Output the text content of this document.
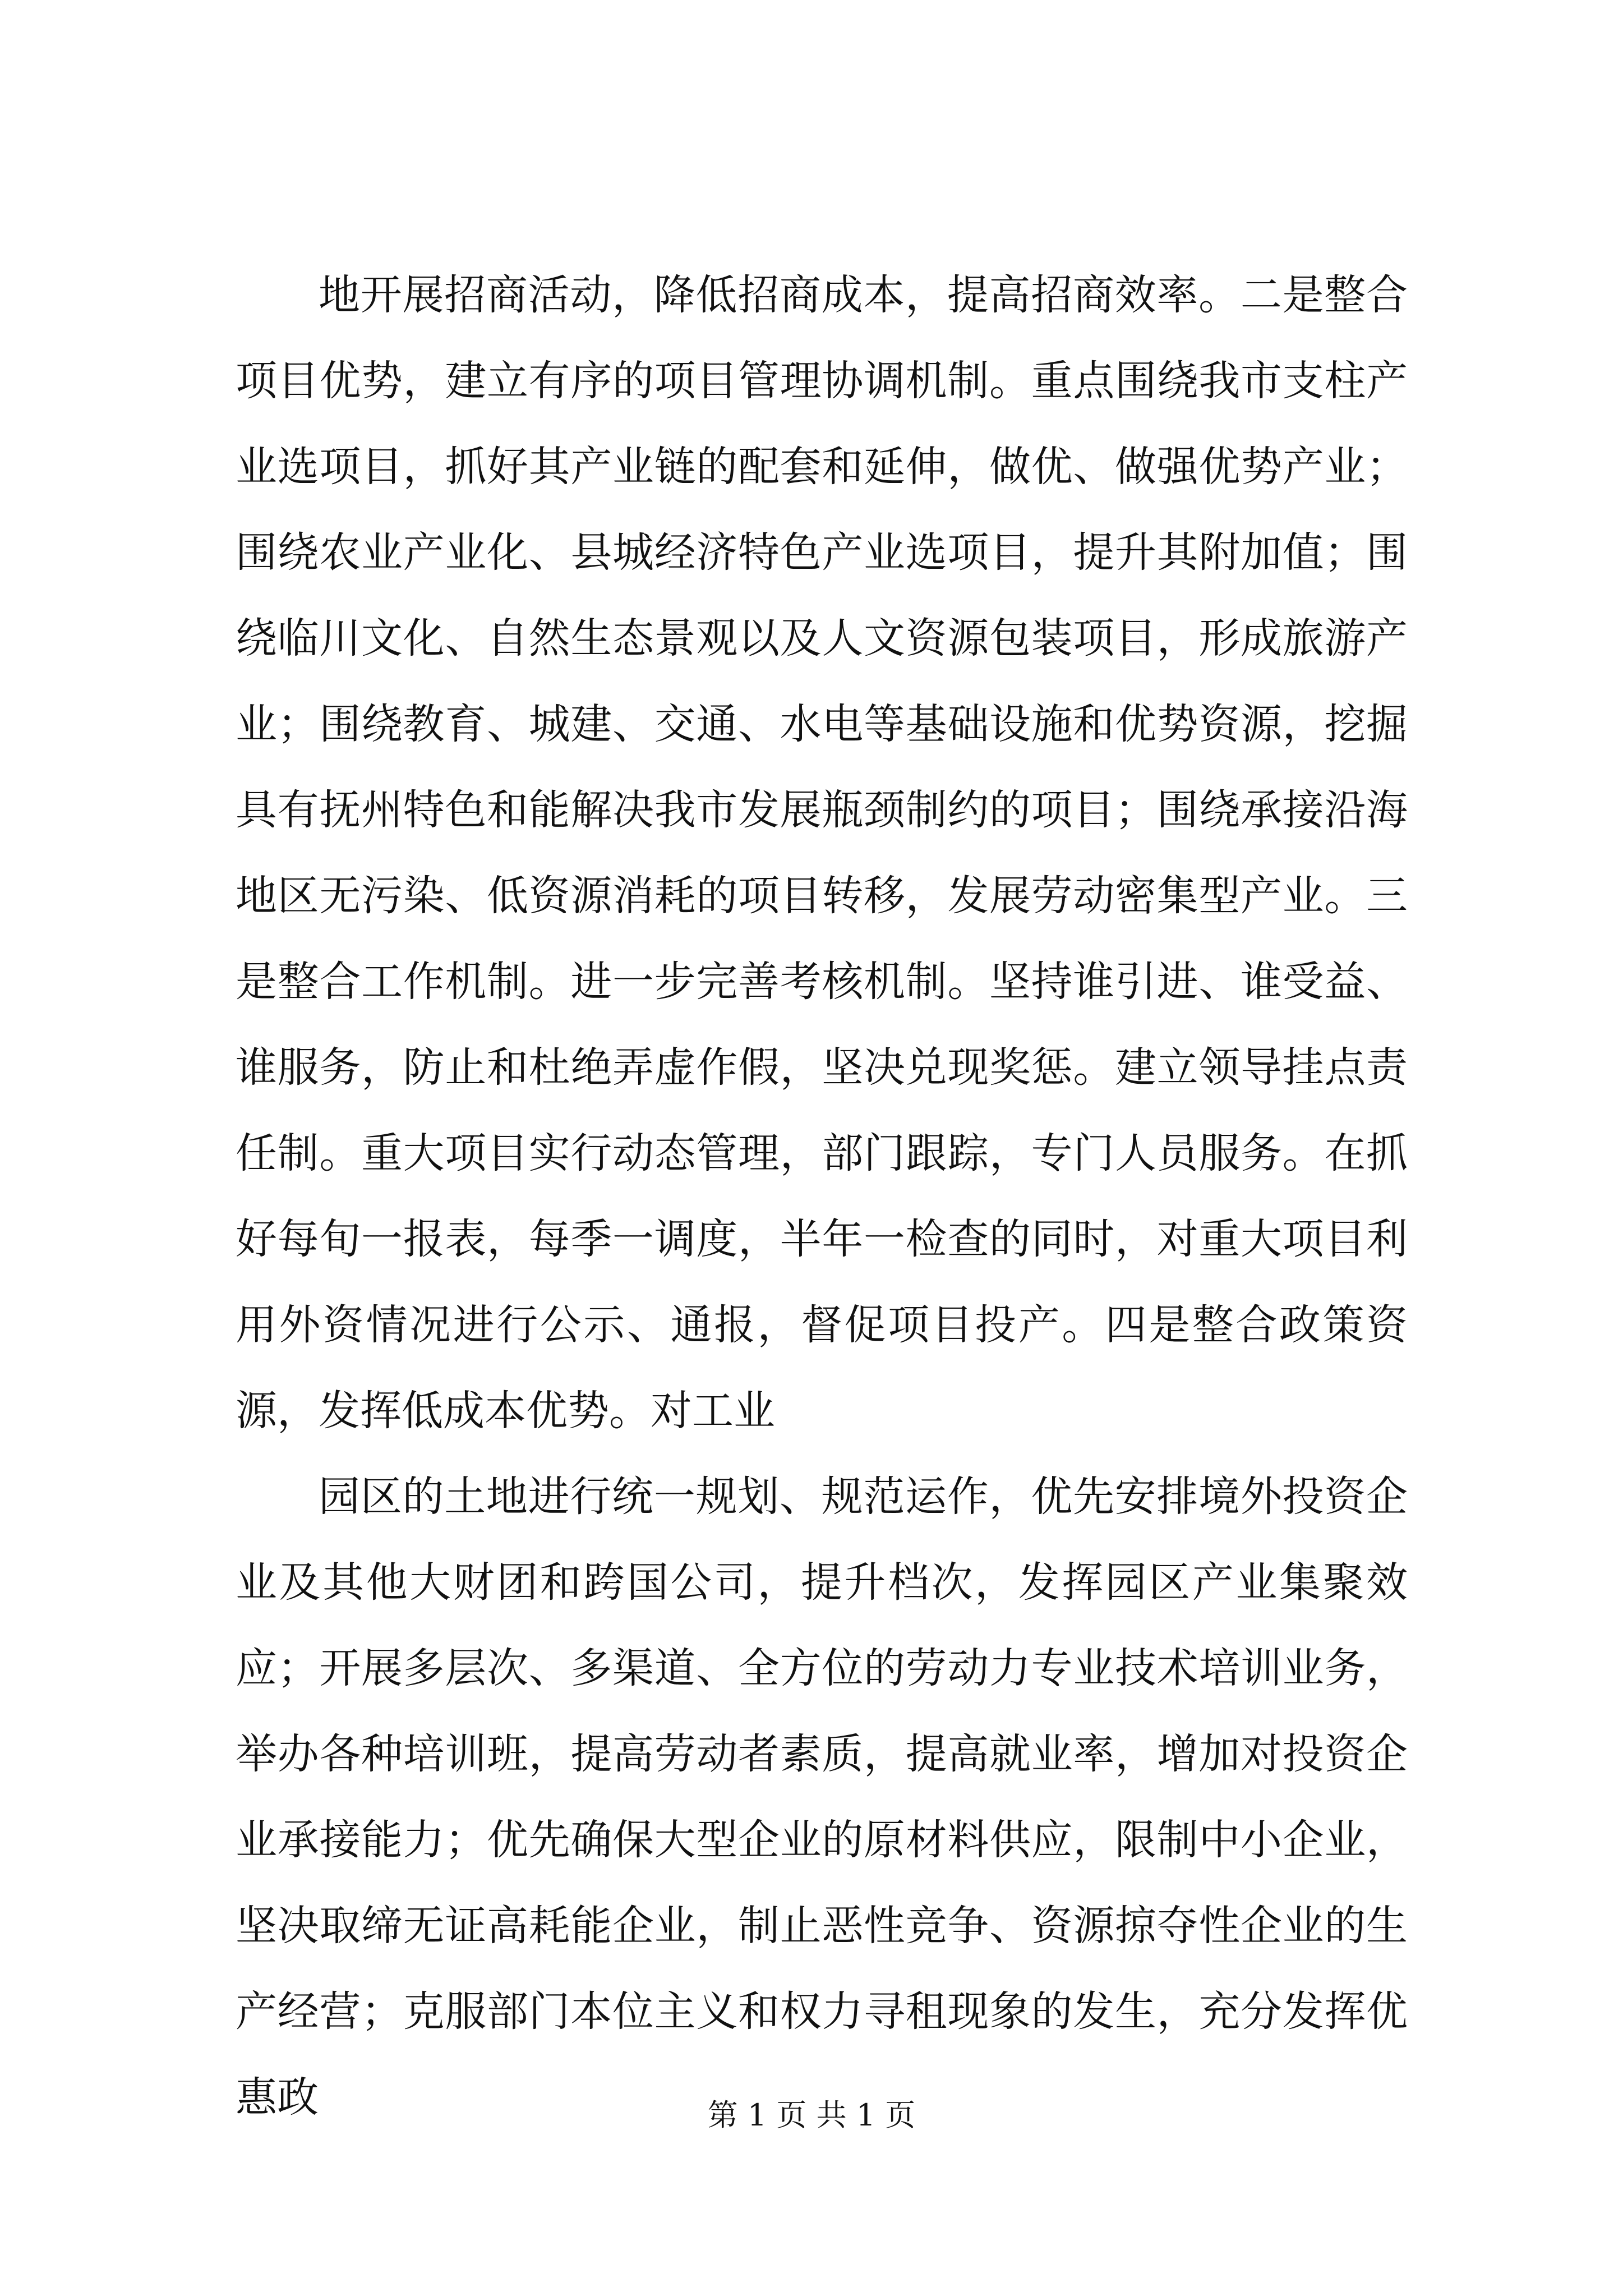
地开展招商活动，降低招商成本，提高招商效率。二是整合项目优势，建立有序的项目管理协调机制。重点围绕我市支柱产业选项目，抓好其产业链的配套和延伸，做优、做强优势产业；围绕农业产业化、县城经济特色产业选项目，提升其附加值；围绕临川文化、自然生态景观以及人文资源包装项目，形成旅游产业；围绕教育、城建、交通、水电等基础设施和优势资源，挖掘具有抚州特色和能解决我市发展瓶颈制约的项目；围绕承接沿海地区无污染、低资源消耗的项目转移，发展劳动密集型产业。三是整合工作机制。进一步完善考核机制。坚持谁引进、谁受益、谁服务，防止和杜绝弄虚作假，坚决兑现奖惩。建立领导挂点责任制。重大项目实行动态管理，部门跟踪，专门人员服务。在抓好每旬一报表，每季一调度，半年一检查的同时，对重大项目利用外资情况进行公示、通报，督促项目投产。四是整合政策资源，发挥低成本优势。对工业

园区的土地进行统一规划、规范运作，优先安排境外投资企业及其他大财团和跨国公司，提升档次，发挥园区产业集聚效应；开展多层次、多渠道、全方位的劳动力专业技术培训业务，举办各种培训班，提高劳动者素质，提高就业率，增加对投资企业承接能力；优先确保大型企业的原材料供应，限制中小企业，坚决取缔无证高耗能企业，制止恶性竞争、资源掠夺性企业的生产经营；克服部门本位主义和权力寻租现象的发生，充分发挥优惠政	第 1 页 共 1 页
